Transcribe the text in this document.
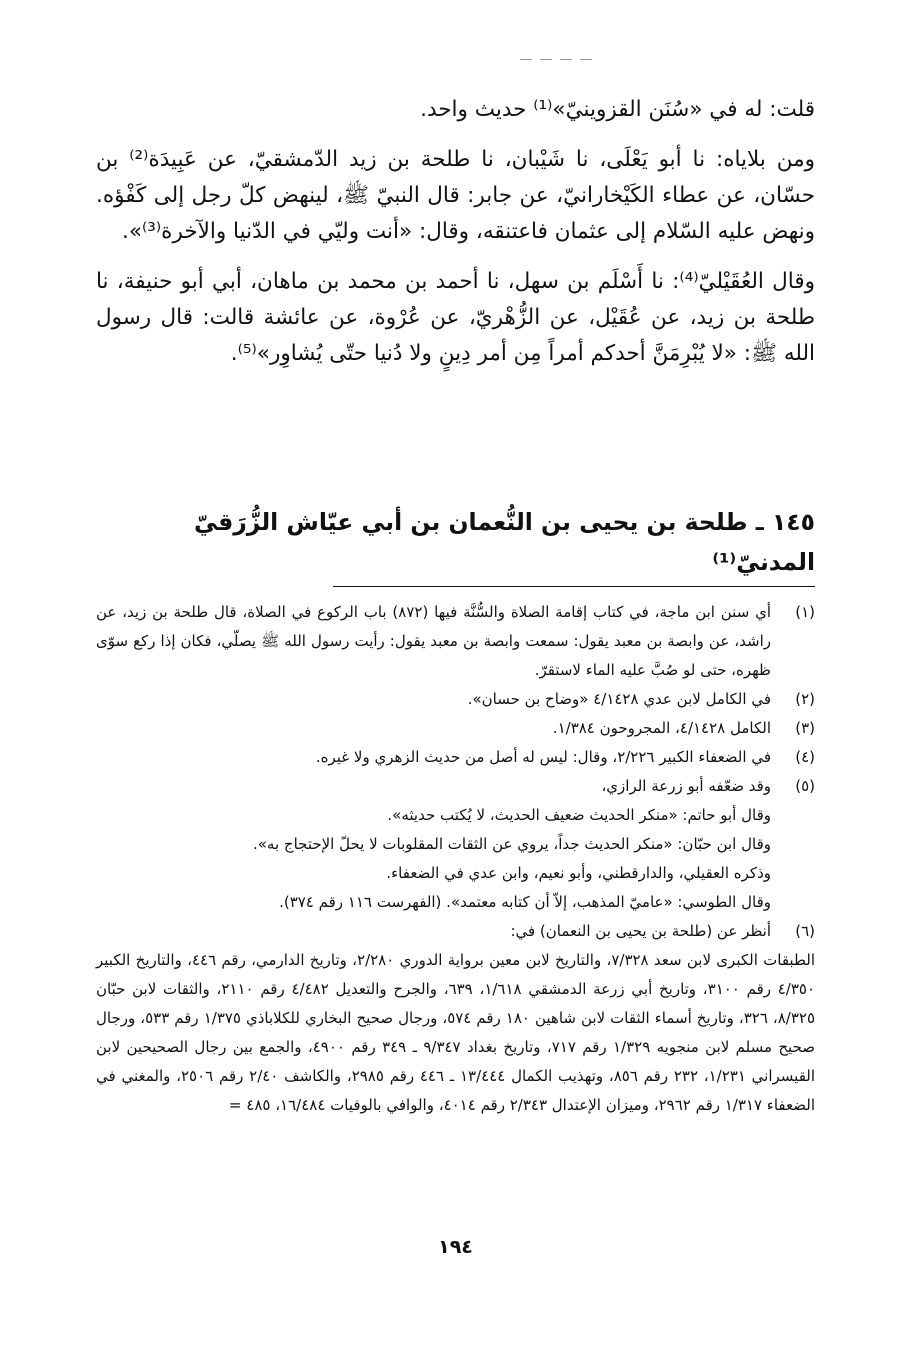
قلت: له في «سُنَن القزوينيّ»⁽¹⁾ حديث واحد.

ومن بلاياه: نا أبو يَعْلَى، نا شَيْبان، نا طلحة بن زيد الدّمشقيّ، عن عَبِيدَة⁽²⁾ بن حسّان، عن عطاء الكَيْخارانيّ، عن جابر: قال النبيّ ﷺ، لينهض كلّ رجل إلى كَفْؤه. ونهض عليه السّلام إلى عثمان فاعتنقه، وقال: «أنت وليّي في الدّنيا والآخرة⁽³⁾».

وقال العُقَيْليّ⁽⁴⁾: نا أَسْلَم بن سهل، نا أحمد بن محمد بن ماهان، أبي أبو حنيفة، نا طلحة بن زيد، عن عُقَيْل، عن الزُّهْريّ، عن عُرْوة، عن عائشة قالت: قال رسول الله ﷺ: «لا يُبْرِمَنَّ أحدكم أمراً مِن أمر دِينٍ ولا دُنيا حتّى يُشاوِر»⁽⁵⁾.

١٤٥ ـ طلحة بن يحيى بن النُّعمان بن أبي عيّاش الزُّرَقيّ المدنيّ⁽¹⁾
(١)
أي سنن ابن ماجة، في كتاب إقامة الصلاة والسُّنَّة فيها (٨٧٢) باب الركوع في الصلاة، قال طلحة بن زيد، عن راشد، عن وابصة بن معبد يقول: سمعت وابصة بن معبد يقول: رأيت رسول الله ﷺ يصلّي، فكان إذا ركع سوّى ظهره، حتى لو صُبَّ عليه الماء لاستقرّ.
(٢)
في الكامل لابن عدي ٤/١٤٢٨ «وضاح بن حسان».
(٣)
الكامل ٤/١٤٢٨، المجروحون ١/٣٨٤.
(٤)
في الضعفاء الكبير ٢/٢٢٦، وقال: ليس له أصل من حديث الزهري ولا غيره.
(٥)
وقد ضعّفه أبو زرعة الرازي،
وقال أبو حاتم: «منكر الحديث ضعيف الحديث، لا يُكتب حديثه».
وقال ابن حبّان: «منكر الحديث جداً، يروي عن الثقات المقلوبات لا يحلّ الإحتجاج به».
وذكره العقيلي، والدارقطني، وأبو نعيم، وابن عدي في الضعفاء.
وقال الطوسي: «عاميّ المذهب، إلاّ أن كتابه معتمد». (الفهرست ١١٦ رقم ٣٧٤).
(٦)
أنظر عن (طلحة بن يحيى بن النعمان) في:
الطبقات الكبرى لابن سعد ٧/٣٢٨، والتاريخ لابن معين برواية الدوري ٢/٢٨٠، وتاريخ الدارمي، رقم ٤٤٦، والتاريخ الكبير ٤/٣٥٠ رقم ٣١٠٠، وتاريخ أبي زرعة الدمشقي ١/٦١٨، ٦٣٩، والجرح والتعديل ٤/٤٨٢ رقم ٢١١٠، والثقات لابن حبّان ٨/٣٢٥، ٣٢٦، وتاريخ أسماء الثقات لابن شاهين ١٨٠ رقم ٥٧٤، ورجال صحيح البخاري للكلاباذي ١/٣٧٥ رقم ٥٣٣، ورجال صحيح مسلم لابن منجويه ١/٣٢٩ رقم ٧١٧، وتاريخ بغداد ٩/٣٤٧ ـ ٣٤٩ رقم ٤٩٠٠، والجمع بين رجال الصحيحين لابن القيسراني ١/٢٣١، ٢٣٢ رقم ٨٥٦، وتهذيب الكمال ١٣/٤٤٤ ـ ٤٤٦ رقم ٢٩٨٥، والكاشف ٢/٤٠ رقم ٢٥٠٦، والمغني في الضعفاء ١/٣١٧ رقم ٢٩٦٢، وميزان الإعتدال ٢/٣٤٣ رقم ٤٠١٤، والوافي بالوفيات ١٦/٤٨٤، ٤٨٥ =
١٩٤
